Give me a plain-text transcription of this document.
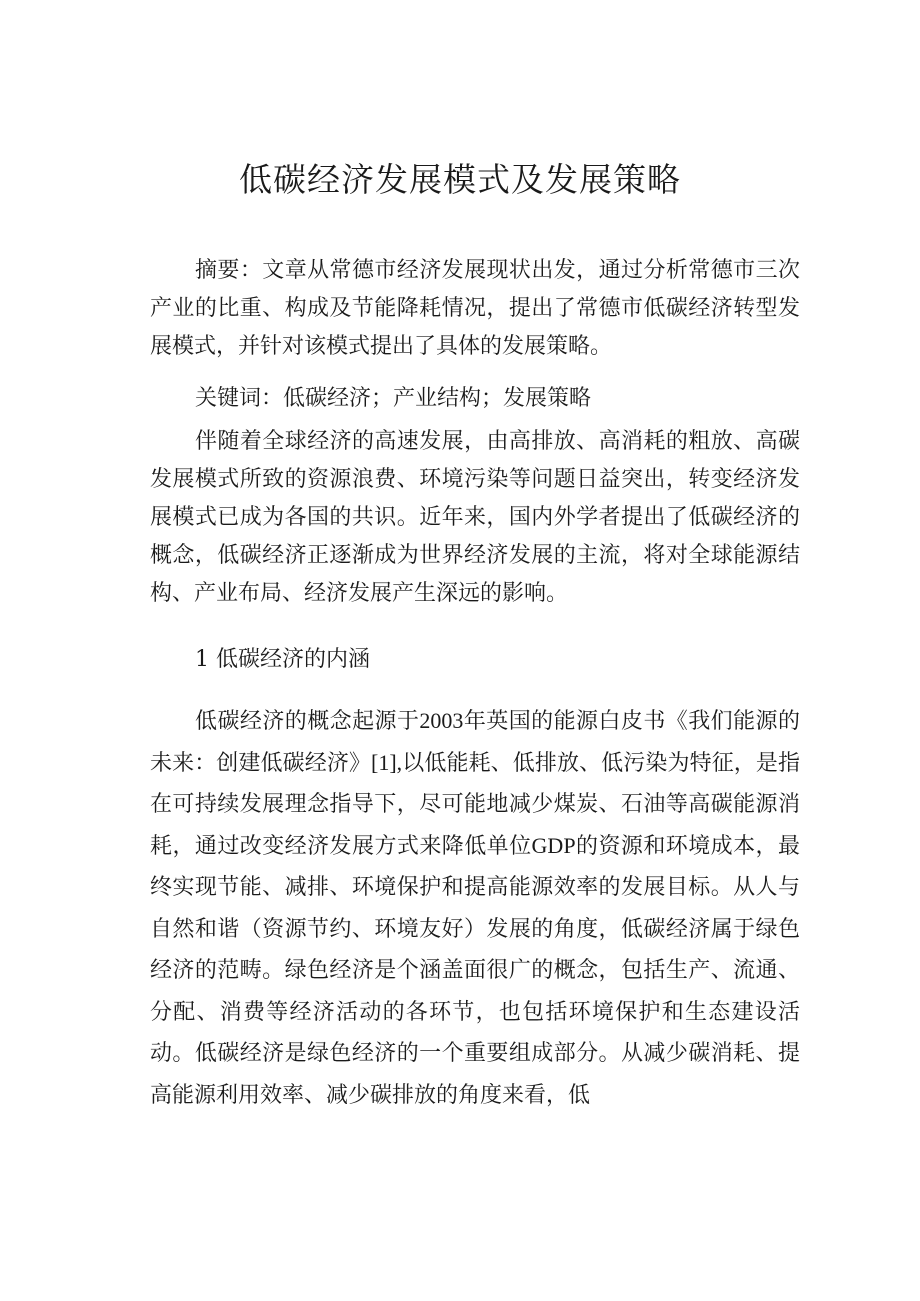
低碳经济发展模式及发展策略

摘要：文章从常德市经济发展现状出发，通过分析常德市三次产业的比重、构成及节能降耗情况，提出了常德市低碳经济转型发展模式，并针对该模式提出了具体的发展策略。

关键词：低碳经济；产业结构；发展策略

伴随着全球经济的高速发展，由高排放、高消耗的粗放、高碳发展模式所致的资源浪费、环境污染等问题日益突出，转变经济发展模式已成为各国的共识。近年来，国内外学者提出了低碳经济的概念，低碳经济正逐渐成为世界经济发展的主流，将对全球能源结构、产业布局、经济发展产生深远的影响。

1 低碳经济的内涵

低碳经济的概念起源于2003年英国的能源白皮书《我们能源的未来：创建低碳经济》[1],以低能耗、低排放、低污染为特征，是指在可持续发展理念指导下，尽可能地减少煤炭、石油等高碳能源消耗，通过改变经济发展方式来降低单位GDP的资源和环境成本，最终实现节能、减排、环境保护和提高能源效率的发展目标。从人与自然和谐（资源节约、环境友好）发展的角度，低碳经济属于绿色经济的范畴。绿色经济是个涵盖面很广的概念，包括生产、流通、分配、消费等经济活动的各环节，也包括环境保护和生态建设活动。低碳经济是绿色经济的一个重要组成部分。从减少碳消耗、提高能源利用效率、减少碳排放的角度来看，低
